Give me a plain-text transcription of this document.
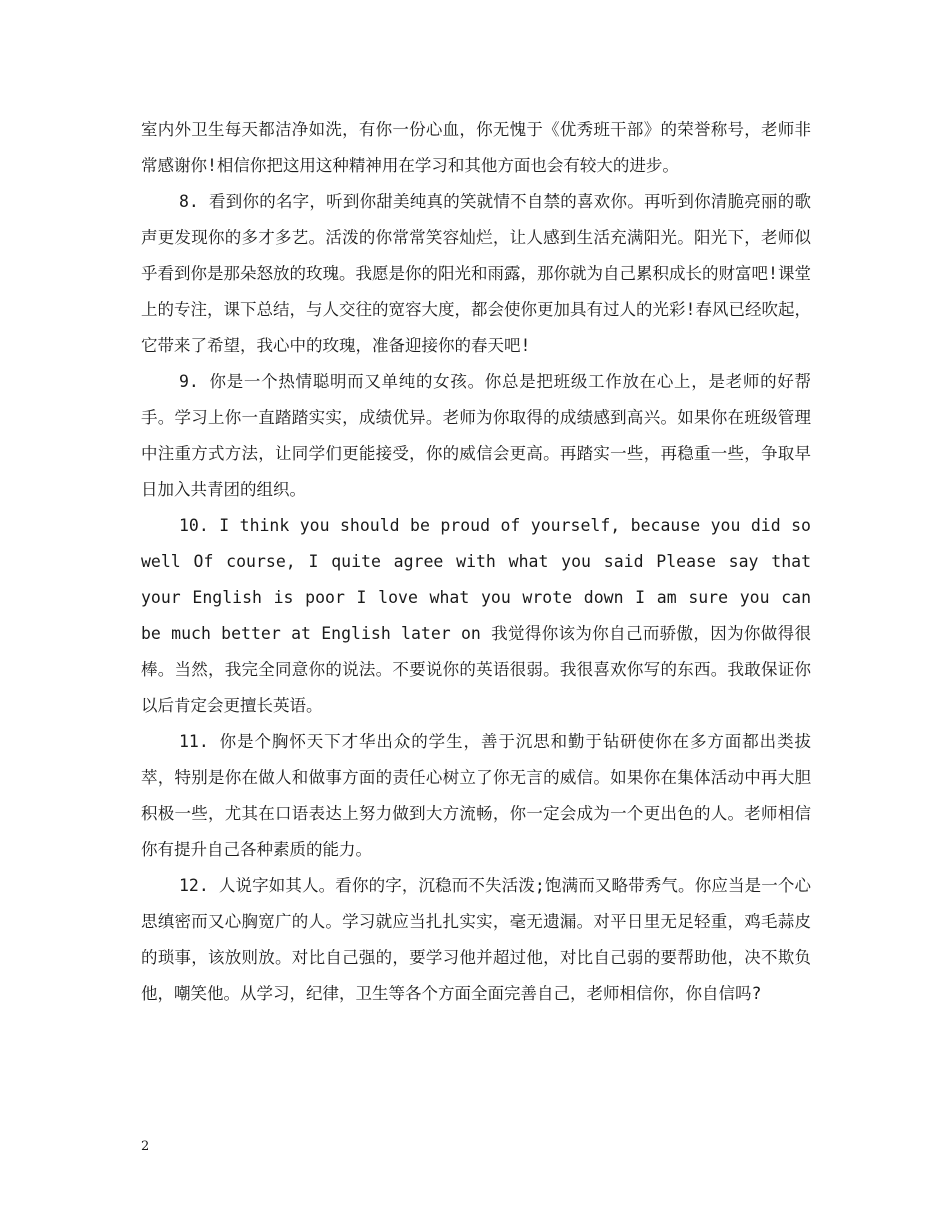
室内外卫生每天都洁净如洗，有你一份心血，你无愧于《优秀班干部》的荣誉称号，老师非常感谢你!相信你把这用这种精神用在学习和其他方面也会有较大的进步。

8. 看到你的名字，听到你甜美纯真的笑就情不自禁的喜欢你。再听到你清脆亮丽的歌声更发现你的多才多艺。活泼的你常常笑容灿烂，让人感到生活充满阳光。阳光下，老师似乎看到你是那朵怒放的玫瑰。我愿是你的阳光和雨露，那你就为自己累积成长的财富吧!课堂上的专注，课下总结，与人交往的宽容大度，都会使你更加具有过人的光彩!春风已经吹起，它带来了希望，我心中的玫瑰，准备迎接你的春天吧!

9. 你是一个热情聪明而又单纯的女孩。你总是把班级工作放在心上，是老师的好帮手。学习上你一直踏踏实实，成绩优异。老师为你取得的成绩感到高兴。如果你在班级管理中注重方式方法，让同学们更能接受，你的威信会更高。再踏实一些，再稳重一些，争取早日加入共青团的组织。

10. I think you should be proud of yourself, because you did so well Of course, I quite agree with what you said Please say that your English is poor I love what you wrote down I am sure you can be much better at English later on 我觉得你该为你自己而骄傲，因为你做得很棒。当然，我完全同意你的说法。不要说你的英语很弱。我很喜欢你写的东西。我敢保证你以后肯定会更擅长英语。

11. 你是个胸怀天下才华出众的学生，善于沉思和勤于钻研使你在多方面都出类拔萃，特别是你在做人和做事方面的责任心树立了你无言的威信。如果你在集体活动中再大胆积极一些，尤其在口语表达上努力做到大方流畅，你一定会成为一个更出色的人。老师相信你有提升自己各种素质的能力。

12. 人说字如其人。看你的字，沉稳而不失活泼;饱满而又略带秀气。你应当是一个心思缜密而又心胸宽广的人。学习就应当扎扎实实，毫无遗漏。对平日里无足轻重，鸡毛蒜皮的琐事，该放则放。对比自己强的，要学习他并超过他，对比自己弱的要帮助他，决不欺负他，嘲笑他。从学习，纪律，卫生等各个方面全面完善自己，老师相信你，你自信吗?

2
